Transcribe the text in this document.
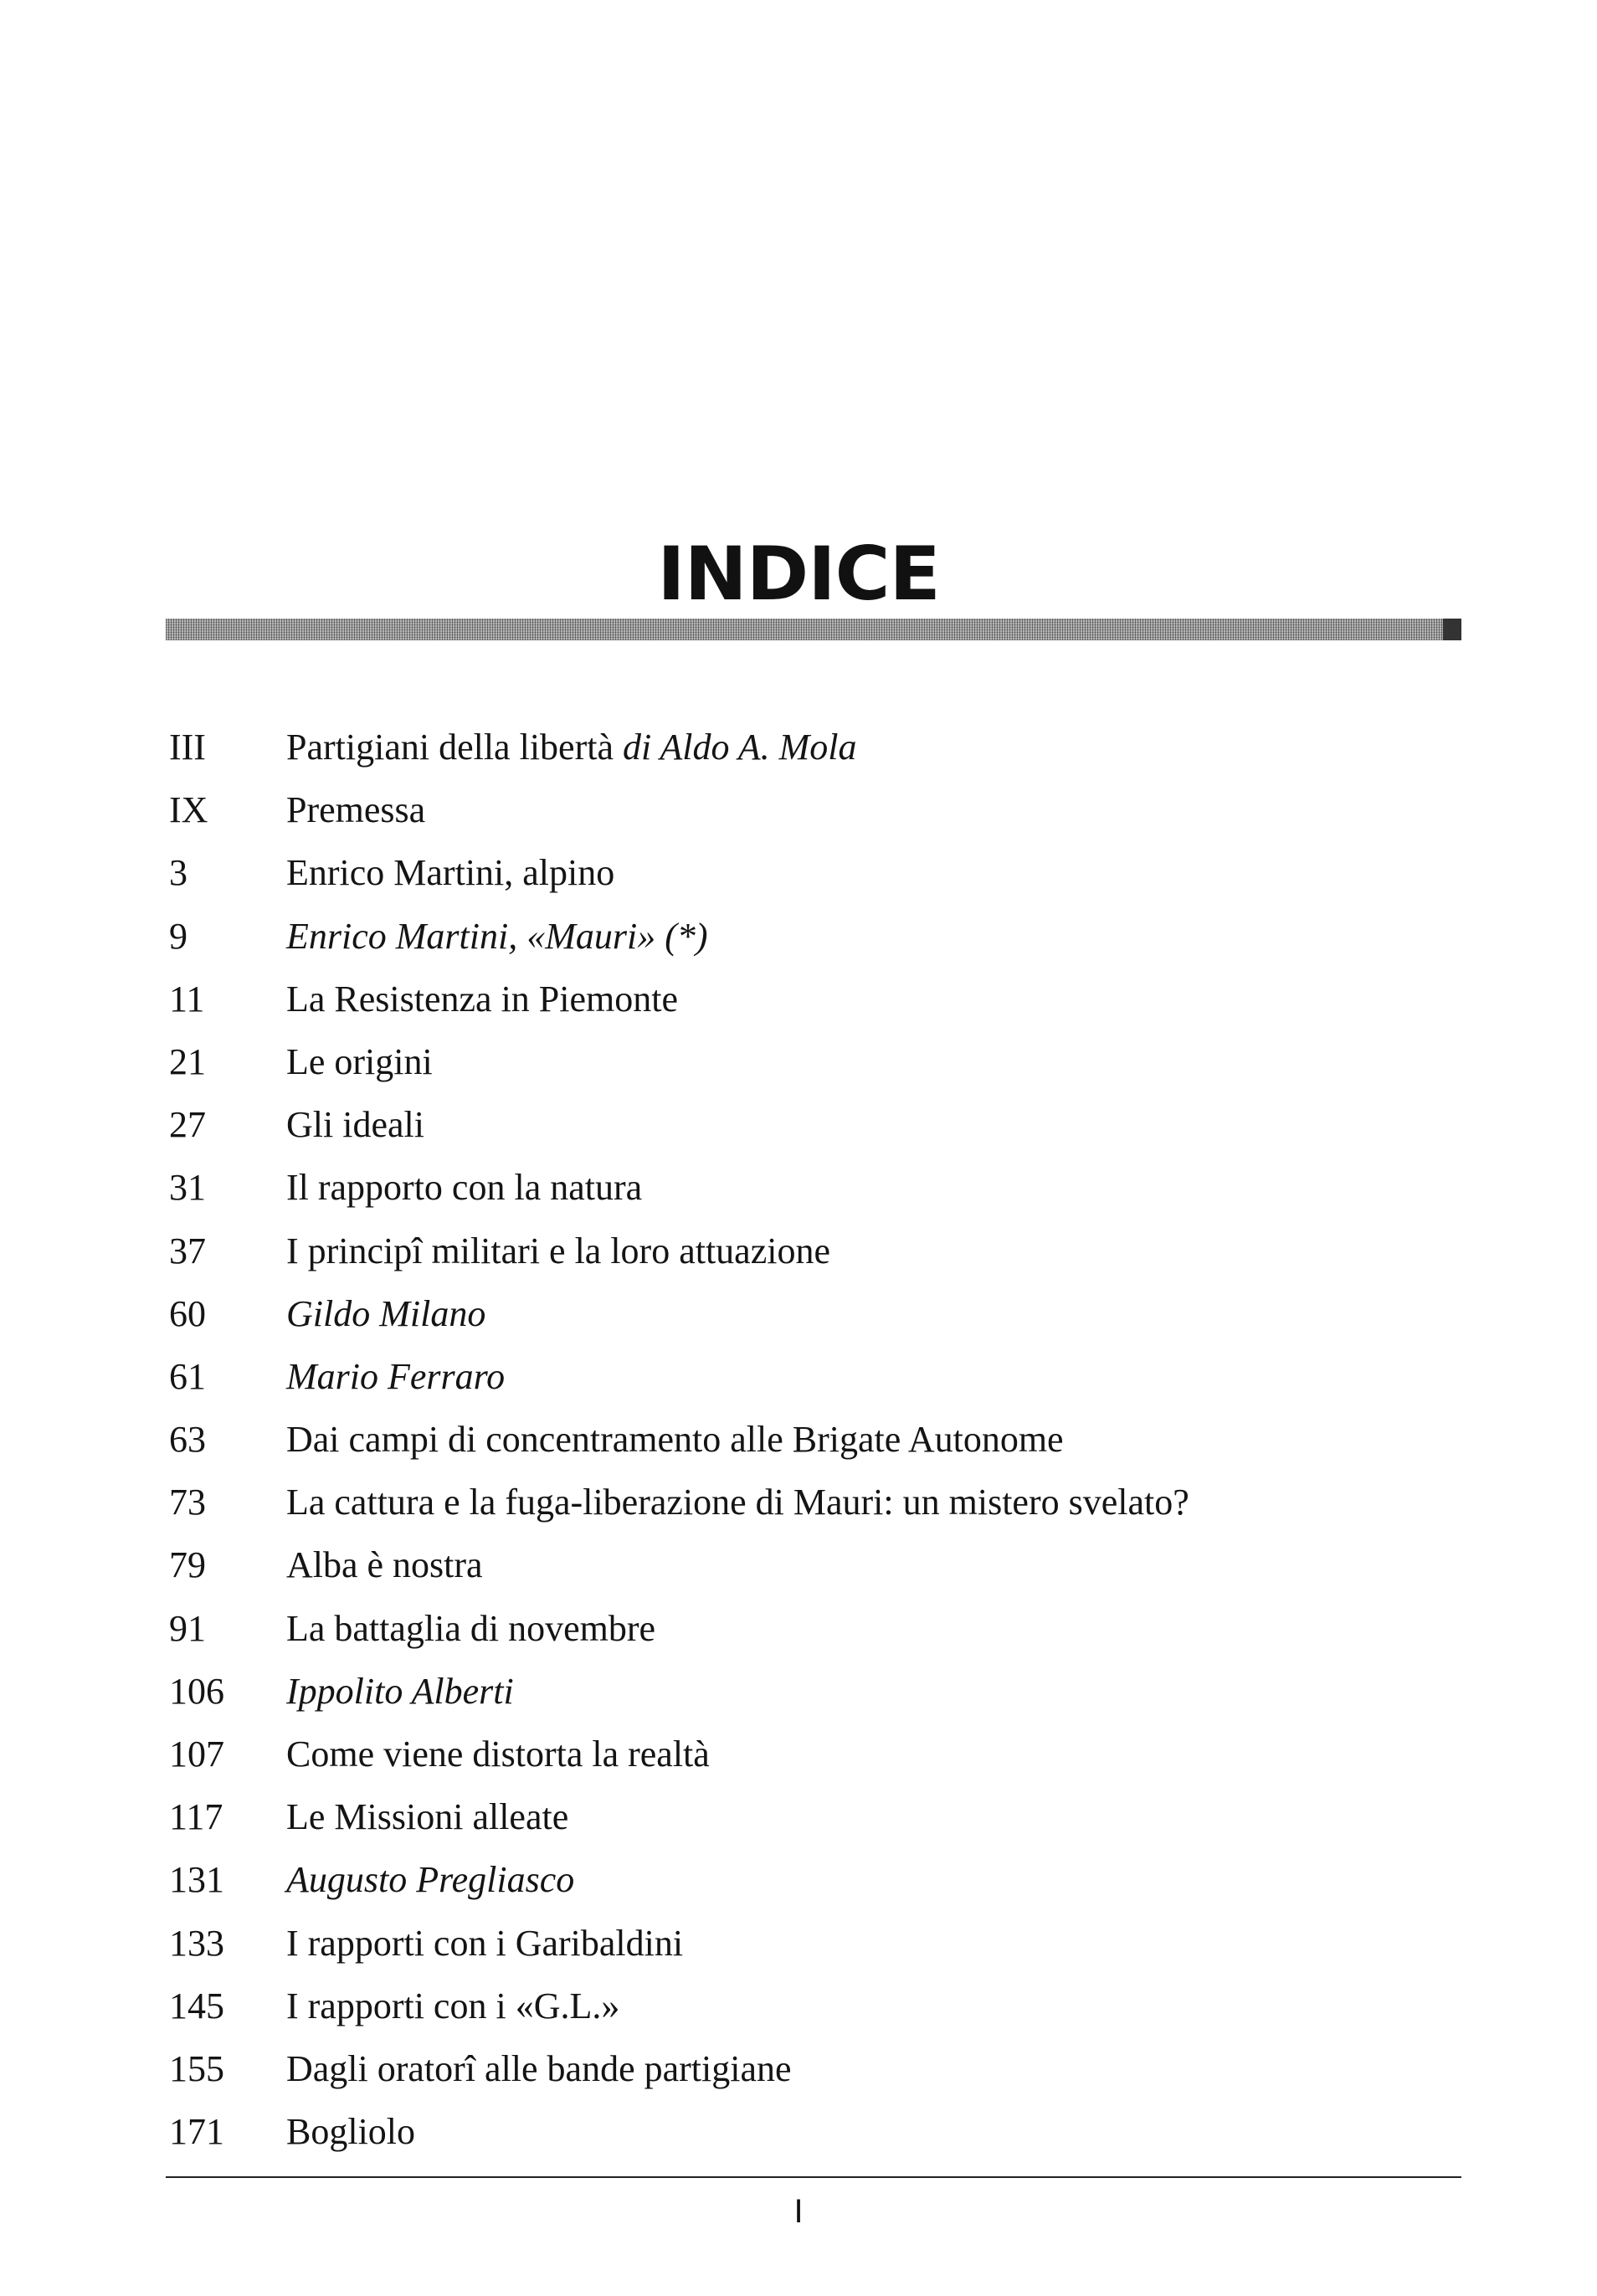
INDICE
III Partigiani della libertà di Aldo A. Mola
IX Premessa
3	Enrico Martini, alpino
9	Enrico Martini, «Mauri» (*)
11 La Resistenza in Piemonte
21 Le origini
27 Gli ideali
31 Il rapporto con la natura
37 I principî militari e la loro attuazione
60 Gildo Milano
61 Mario Ferraro
63 Dai campi di concentramento alle Brigate Autonome
73 La cattura e la fuga-liberazione di Mauri: un mistero svelato?
79 Alba è nostra
91 La battaglia di novembre
106 Ippolito Alberti
107 Come viene distorta la realtà
117 Le Missioni alleate
131 Augusto Pregliasco
133 I rapporti con i Garibaldini
145 I rapporti con i «G.L.»
155 Dagli oratorî alle bande partigiane
171 Bogliolo
I
